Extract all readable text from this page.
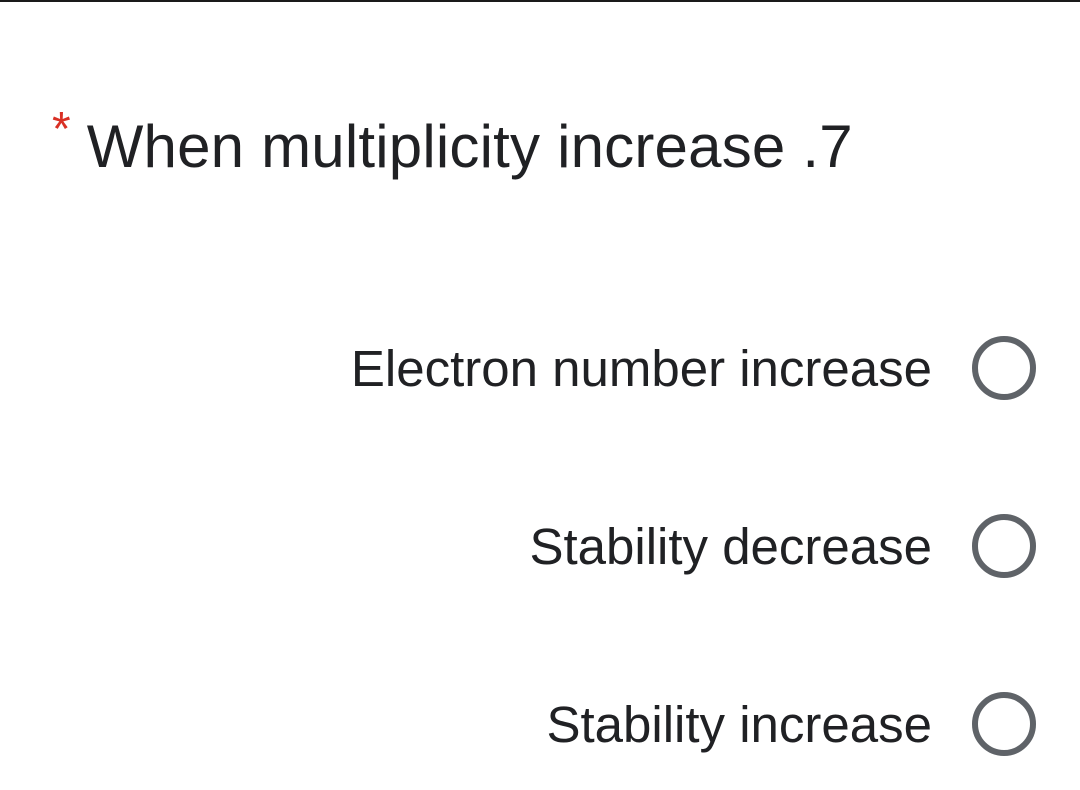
* When multiplicity increase .7
Electron number increase
Stability decrease
Stability increase
